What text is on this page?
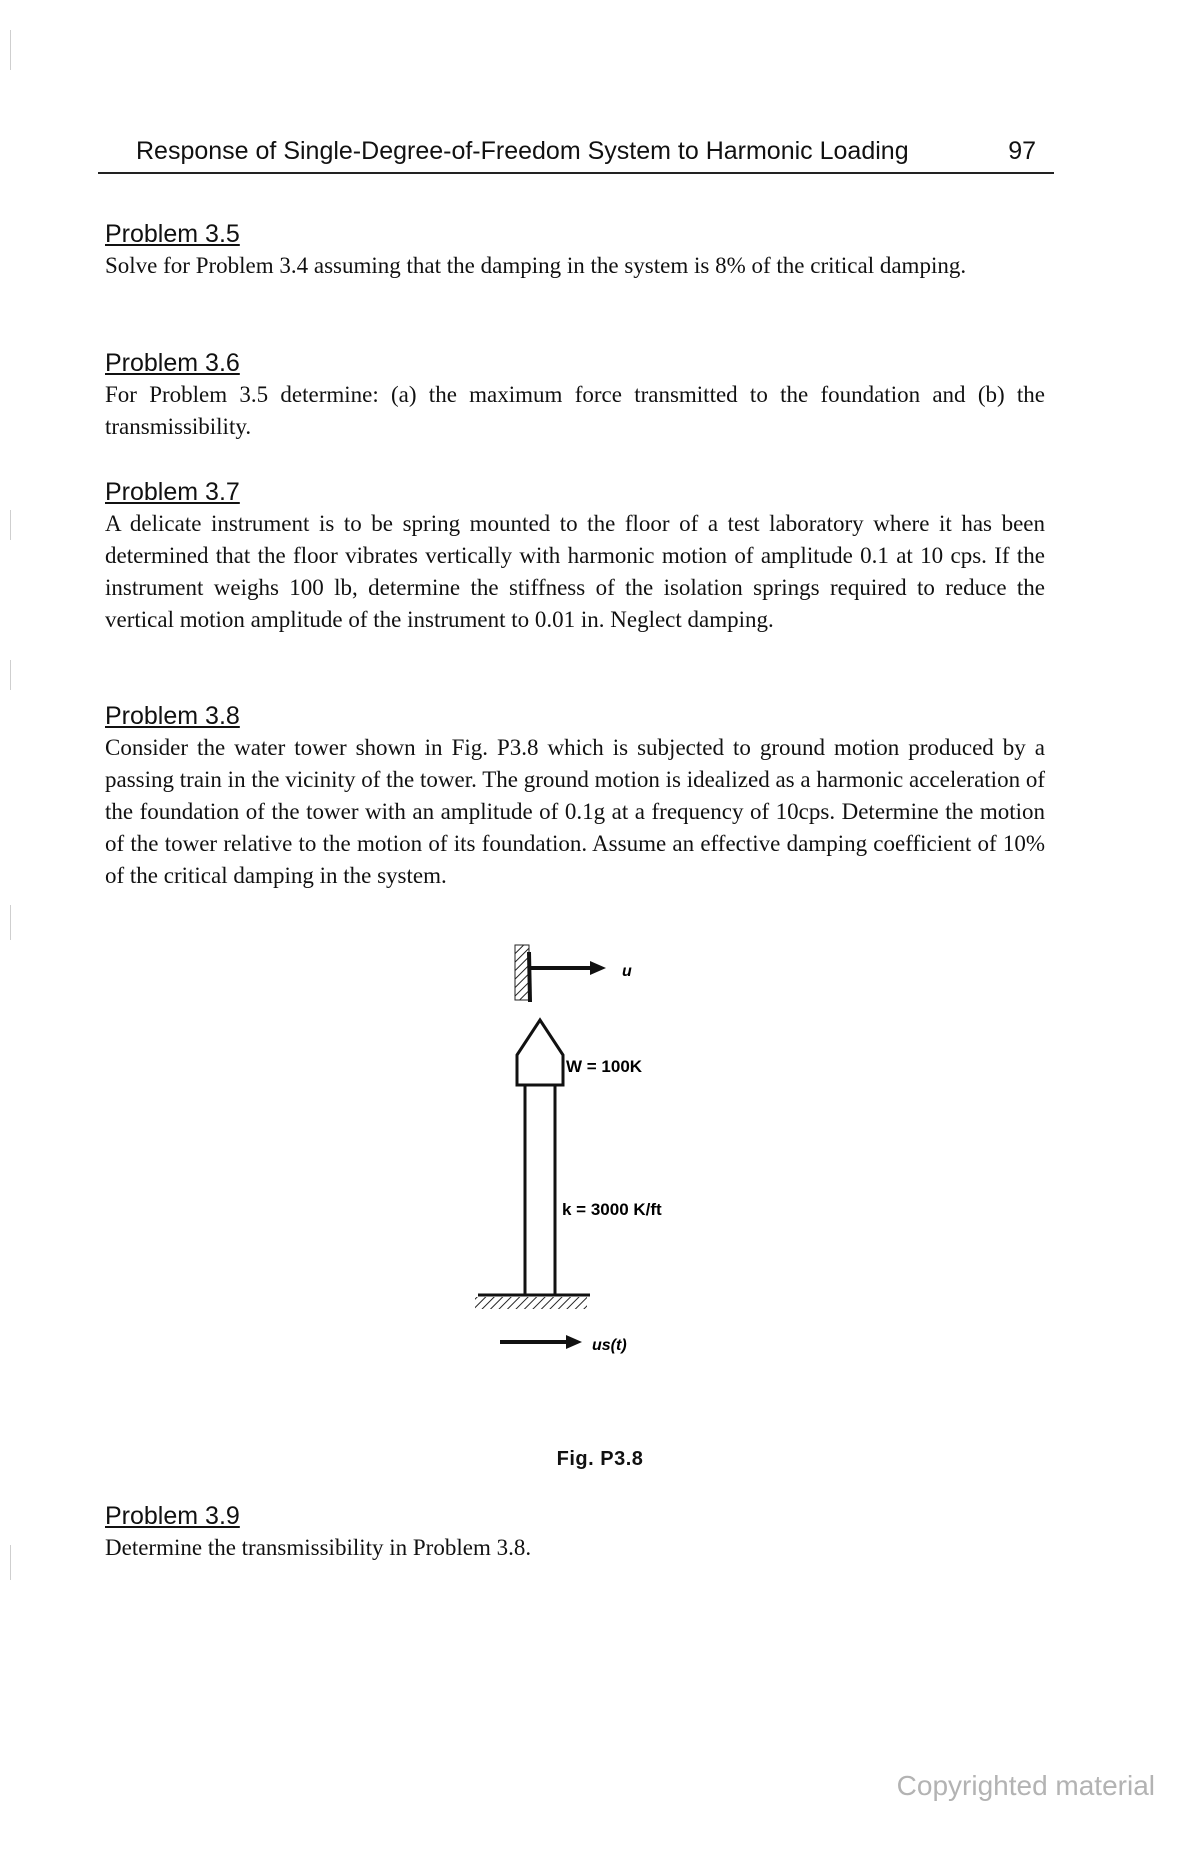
Response of Single-Degree-of-Freedom System to Harmonic Loading	97

Problem 3.5

Solve for Problem 3.4 assuming that the damping in the system is 8% of the critical damping.

Problem 3.6

For Problem 3.5 determine: (a) the maximum force transmitted to the foundation and (b) the transmissibility.

Problem 3.7

A delicate instrument is to be spring mounted to the floor of a test laboratory where it has been determined that the floor vibrates vertically with harmonic motion of amplitude 0.1 at 10 cps. If the instrument weighs 100 lb, determine the stiffness of the isolation springs required to reduce the vertical motion amplitude of the instrument to 0.01 in. Neglect damping.

Problem 3.8

Consider the water tower shown in Fig. P3.8 which is subjected to ground motion produced by a passing train in the vicinity of the tower. The ground motion is idealized as a harmonic acceleration of the foundation of the tower with an amplitude of 0.1g at a frequency of 10cps. Determine the motion of the tower relative to the motion of its foundation. Assume an effective damping coefficient of 10% of the critical damping in the system.

u
W = 100K
k = 3000 K/ft
us(t)
Fig. P3.8

Problem 3.9

Determine the transmissibility in Problem 3.8.

Copyrighted material
